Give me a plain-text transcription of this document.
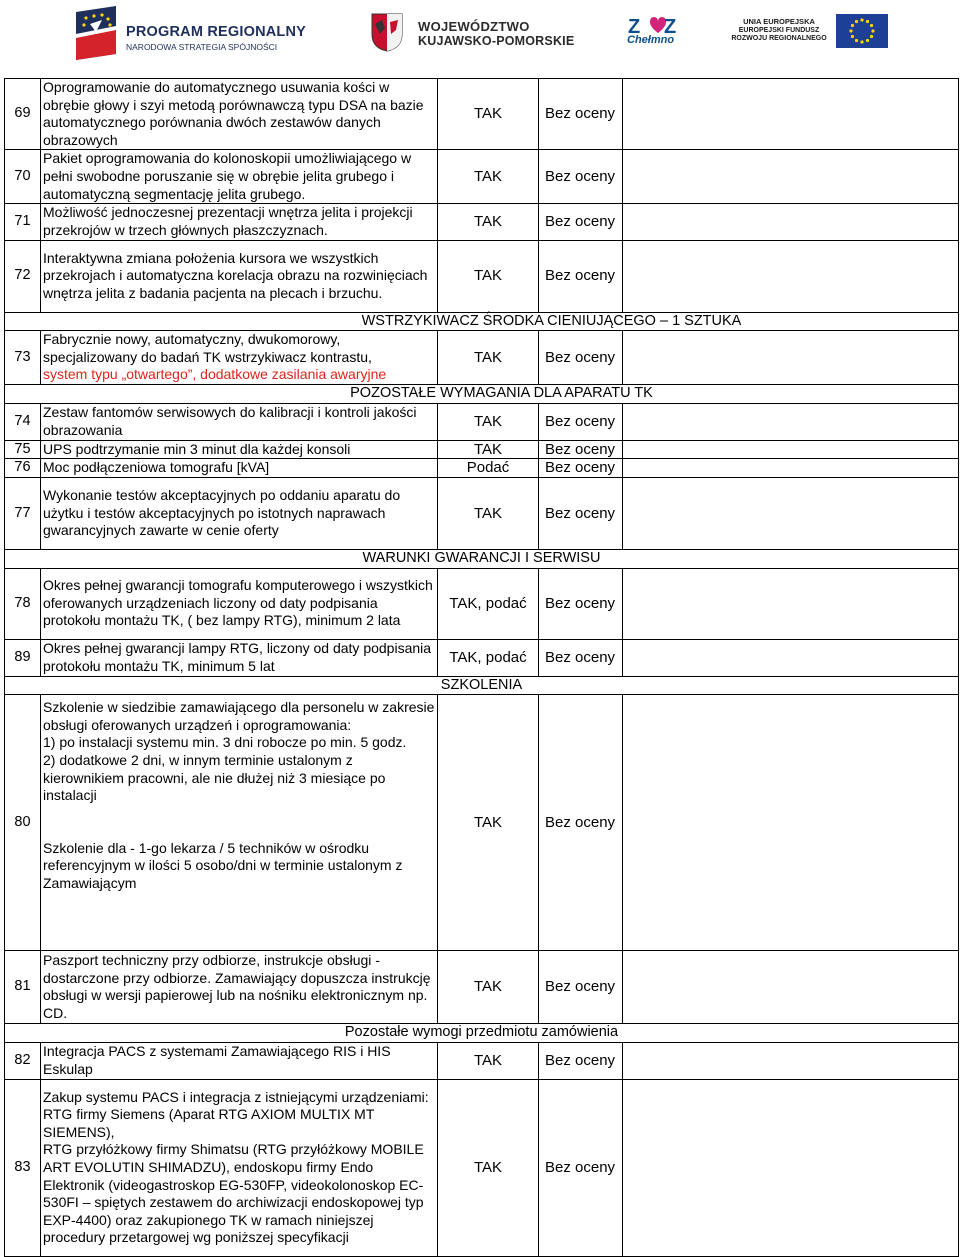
PROGRAM REGIONALNY
NARODOWA STRATEGIA SPÓJNOŚCI
WOJEWÓDZTWO
KUJAWSKO-POMORSKIE
Z Z
Chełmno
UNIA EUROPEJSKA
EUROPEJSKI FUNDUSZ
ROZWOJU REGIONALNEGO
69	Oprogramowanie do automatycznego usuwania kości w obrębie głowy i szyi metodą porównawczą typu DSA na bazie automatycznego porównania dwóch zestawów danych obrazowych	TAK	Bez oceny	
70	Pakiet oprogramowania do kolonoskopii umożliwiającego w pełni swobodne poruszanie się w obrębie jelita grubego i automatyczną segmentację jelita grubego.	TAK	Bez oceny	
71	Możliwość jednoczesnej prezentacji wnętrza jelita i projekcji przekrojów w trzech głównych płaszczyznach.	TAK	Bez oceny	
72	Interaktywna zmiana położenia kursora we wszystkich przekrojach i automatyczna korelacja obrazu na rozwinięciach wnętrza jelita z badania pacjenta na plecach i brzuchu.	TAK	Bez oceny	
WSTRZYKIWACZ ŚRODKA CIENIUJĄCEGO – 1 SZTUKA				
73	Fabrycznie nowy, automatyczny, dwukomorowy, specjalizowany do badań TK wstrzykiwacz kontrastu,
system typu „otwartego”, dodatkowe zasilania awaryjne	TAK	Bez oceny	
POZOSTAŁE WYMAGANIA DLA APARATU TK				
74	Zestaw fantomów serwisowych do kalibracji i kontroli jakości obrazowania	TAK	Bez oceny	
75	UPS podtrzymanie min 3 minut dla każdej konsoli	TAK	Bez oceny	
76	Moc podłączeniowa tomografu [kVA]	Podać	Bez oceny	
77	Wykonanie testów akceptacyjnych po oddaniu aparatu do użytku i testów akceptacyjnych po istotnych naprawach gwarancyjnych zawarte w cenie oferty	TAK	Bez oceny	
WARUNKI GWARANCJI I SERWISU				
78	Okres pełnej gwarancji tomografu komputerowego i wszystkich oferowanych urządzeniach liczony od daty podpisania protokołu montażu TK, ( bez lampy RTG), minimum 2 lata	TAK, podać	Bez oceny	
89	Okres pełnej gwarancji lampy RTG, liczony od daty podpisania protokołu montażu TK, minimum 5 lat	TAK, podać	Bez oceny	
SZKOLENIA				
80	Szkolenie w siedzibie zamawiającego dla personelu w zakresie obsługi oferowanych urządzeń i oprogramowania:
1) po instalacji systemu min. 3 dni robocze po min. 5 godz.
2) dodatkowe 2 dni, w innym terminie ustalonym z kierownikiem pracowni, ale nie dłużej niż 3 miesiące po instalacji
Szkolenie dla - 1-go lekarza / 5 techników w ośrodku referencyjnym w ilości 5 osobo/dni w terminie ustalonym z Zamawiającym	TAK	Bez oceny	
81	Paszport techniczny przy odbiorze, instrukcje obsługi - dostarczone przy odbiorze. Zamawiający dopuszcza instrukcję obsługi w wersji papierowej lub na nośniku elektronicznym np. CD.	TAK	Bez oceny	
Pozostałe wymogi przedmiotu zamówienia				
82	Integracja PACS z systemami Zamawiającego RIS i HIS Eskulap	TAK	Bez oceny	
83	Zakup systemu PACS i integracja z istniejącymi urządzeniami: RTG firmy Siemens (Aparat RTG AXIOM MULTIX MT SIEMENS),
RTG przyłóżkowy firmy Shimatsu (RTG przyłóżkowy MOBILE ART EVOLUTIN SHIMADZU), endoskopu firmy Endo Elektronik (videogastroskop EG-530FP, videokolonoskop EC-530FI – spiętych zestawem do archiwizacji endoskopowej typ EXP-4400) oraz zakupionego TK w ramach niniejszej procedury przetargowej wg poniższej specyfikacji	TAK	Bez oceny	
